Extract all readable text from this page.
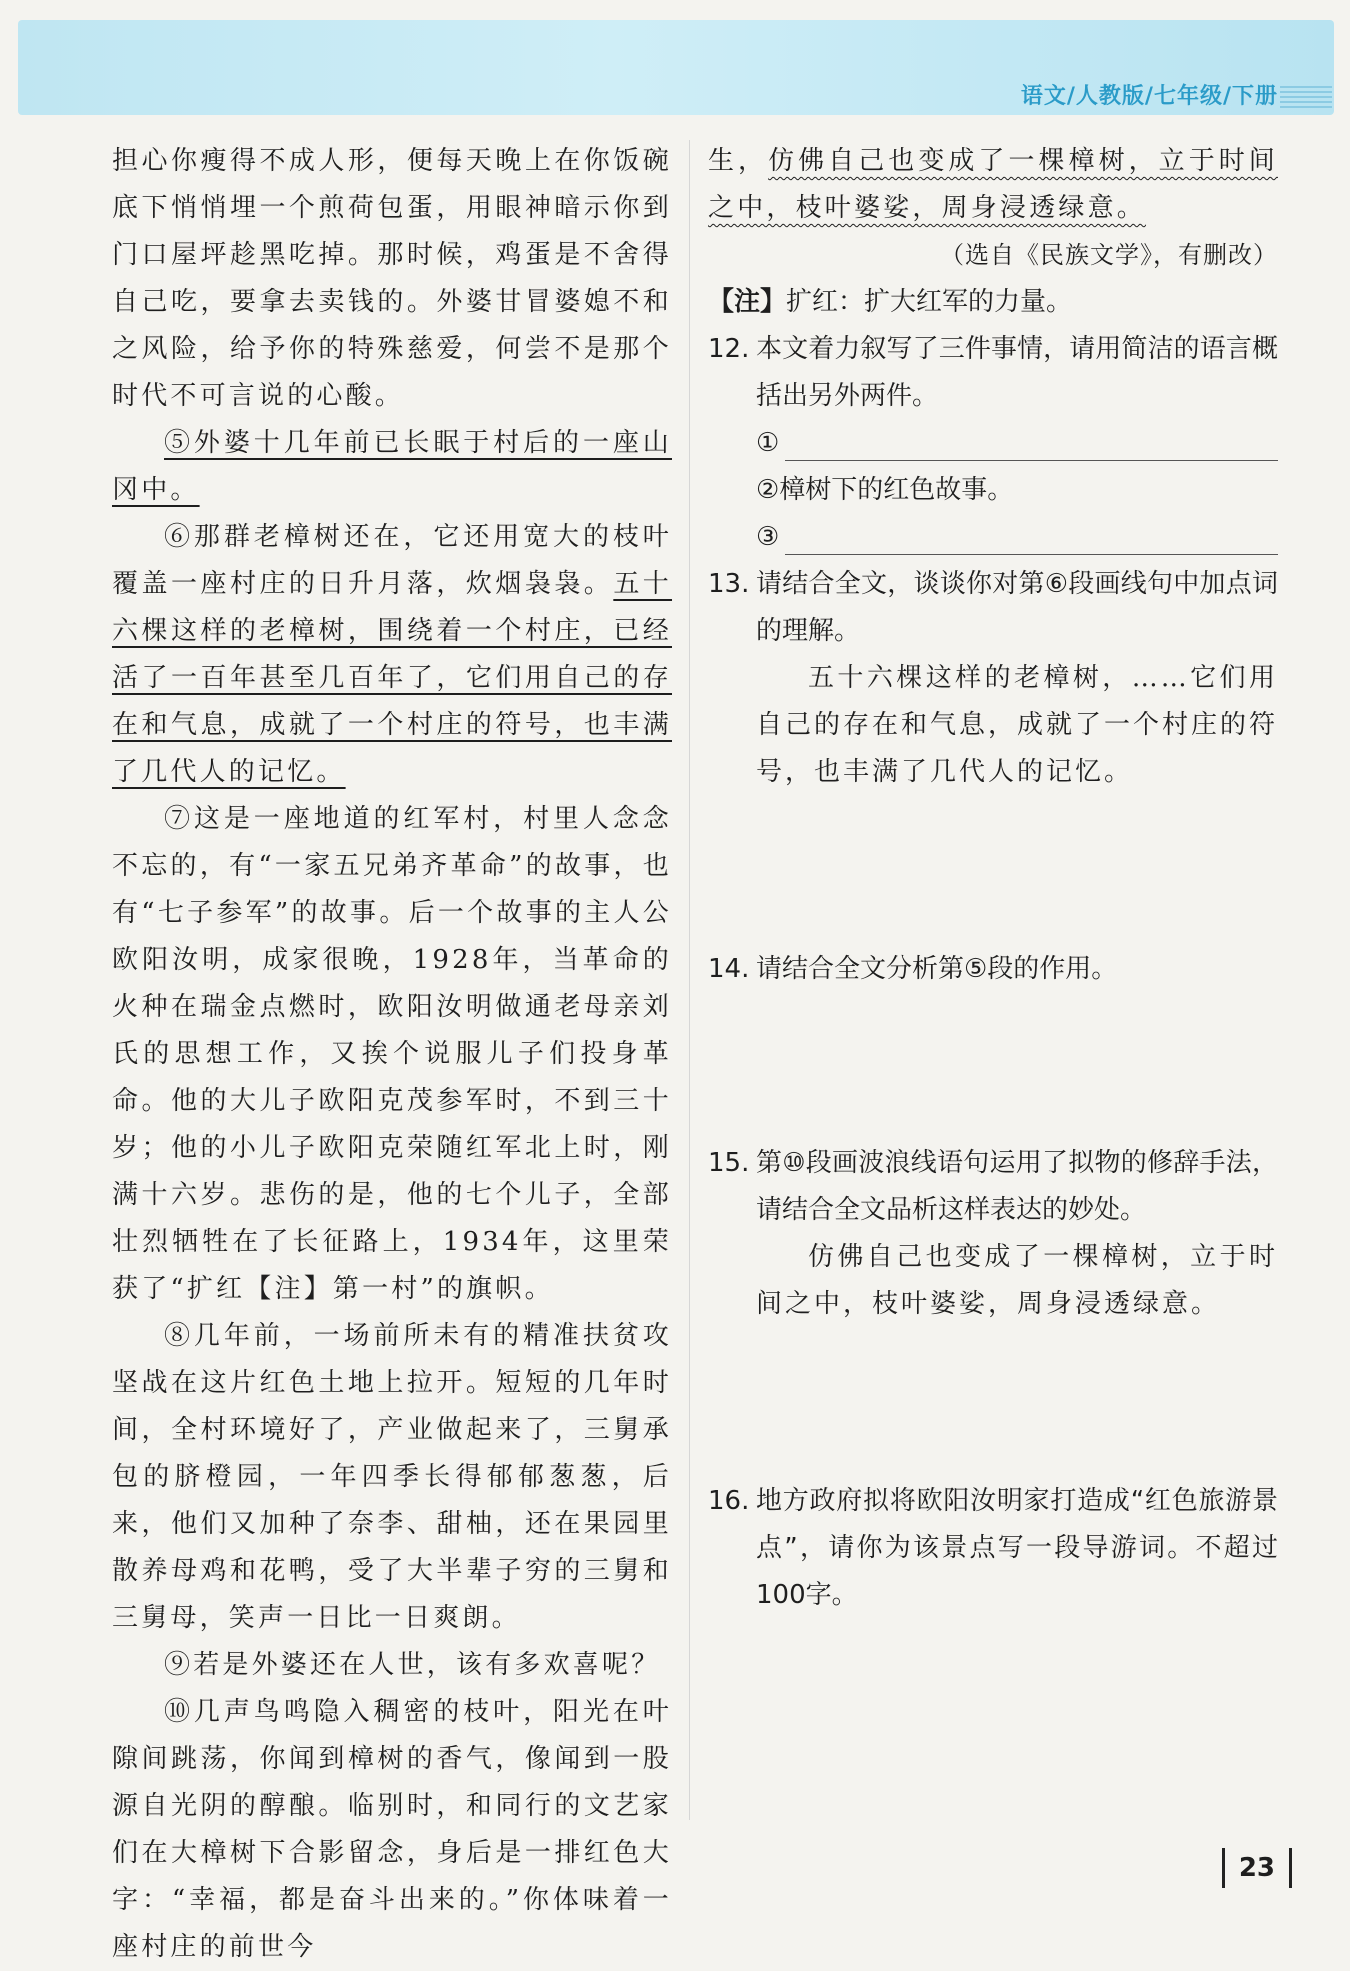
语文/人教版/七年级/下册

担心你瘦得不成人形，便每天晚上在你饭碗底下悄悄埋一个煎荷包蛋，用眼神暗示你到门口屋坪趁黑吃掉。那时候，鸡蛋是不舍得自己吃，要拿去卖钱的。外婆甘冒婆媳不和之风险，给予你的特殊慈爱，何尝不是那个时代不可言说的心酸。

⑤外婆十几年前已长眠于村后的一座山冈中。

⑥那群老樟树还在，它还用宽大的枝叶覆盖一座村庄的日升月落，炊烟袅袅。五十六棵这样的老樟树，围绕着一个村庄，已经活了一百年甚至几百年了，它们用自己的存在和气息，成就了一个村庄的符号，也丰满了几代人的记忆。

⑦这是一座地道的红军村，村里人念念不忘的，有“一家五兄弟齐革命”的故事，也有“七子参军”的故事。后一个故事的主人公欧阳汝明，成家很晚，1928年，当革命的火种在瑞金点燃时，欧阳汝明做通老母亲刘氏的思想工作，又挨个说服儿子们投身革命。他的大儿子欧阳克茂参军时，不到三十岁；他的小儿子欧阳克荣随红军北上时，刚满十六岁。悲伤的是，他的七个儿子，全部壮烈牺牲在了长征路上，1934年，这里荣获了“扩红【注】第一村”的旗帜。

⑧几年前，一场前所未有的精准扶贫攻坚战在这片红色土地上拉开。短短的几年时间，全村环境好了，产业做起来了，三舅承包的脐橙园，一年四季长得郁郁葱葱，后来，他们又加种了奈李、甜柚，还在果园里散养母鸡和花鸭，受了大半辈子穷的三舅和三舅母，笑声一日比一日爽朗。

⑨若是外婆还在人世，该有多欢喜呢？

⑩几声鸟鸣隐入稠密的枝叶，阳光在叶隙间跳荡，你闻到樟树的香气，像闻到一股源自光阴的醇酿。临别时，和同行的文艺家们在大樟树下合影留念，身后是一排红色大字：“幸福，都是奋斗出来的。”你体味着一座村庄的前世今

生，仿佛自己也变成了一棵樟树，立于时间之中，枝叶婆娑，周身浸透绿意。

（选自《民族文学》，有删改）

【注】扩红：扩大红军的力量。

12. 本文着力叙写了三件事情，请用简洁的语言概括出另外两件。
①
②樟树下的红色故事。
③
13. 请结合全文，谈谈你对第⑥段画线句中加点词的理解。

五十六棵这样的老樟树，……它们用自己的存在和气息，成就了一个村庄的符号，也丰满了几代人的记忆。

14. 请结合全文分析第⑤段的作用。
15. 第⑩段画波浪线语句运用了拟物的修辞手法，请结合全文品析这样表达的妙处。

仿佛自己也变成了一棵樟树，立于时间之中，枝叶婆娑，周身浸透绿意。

16. 地方政府拟将欧阳汝明家打造成“红色旅游景点”，请你为该景点写一段导游词。不超过100字。
23
